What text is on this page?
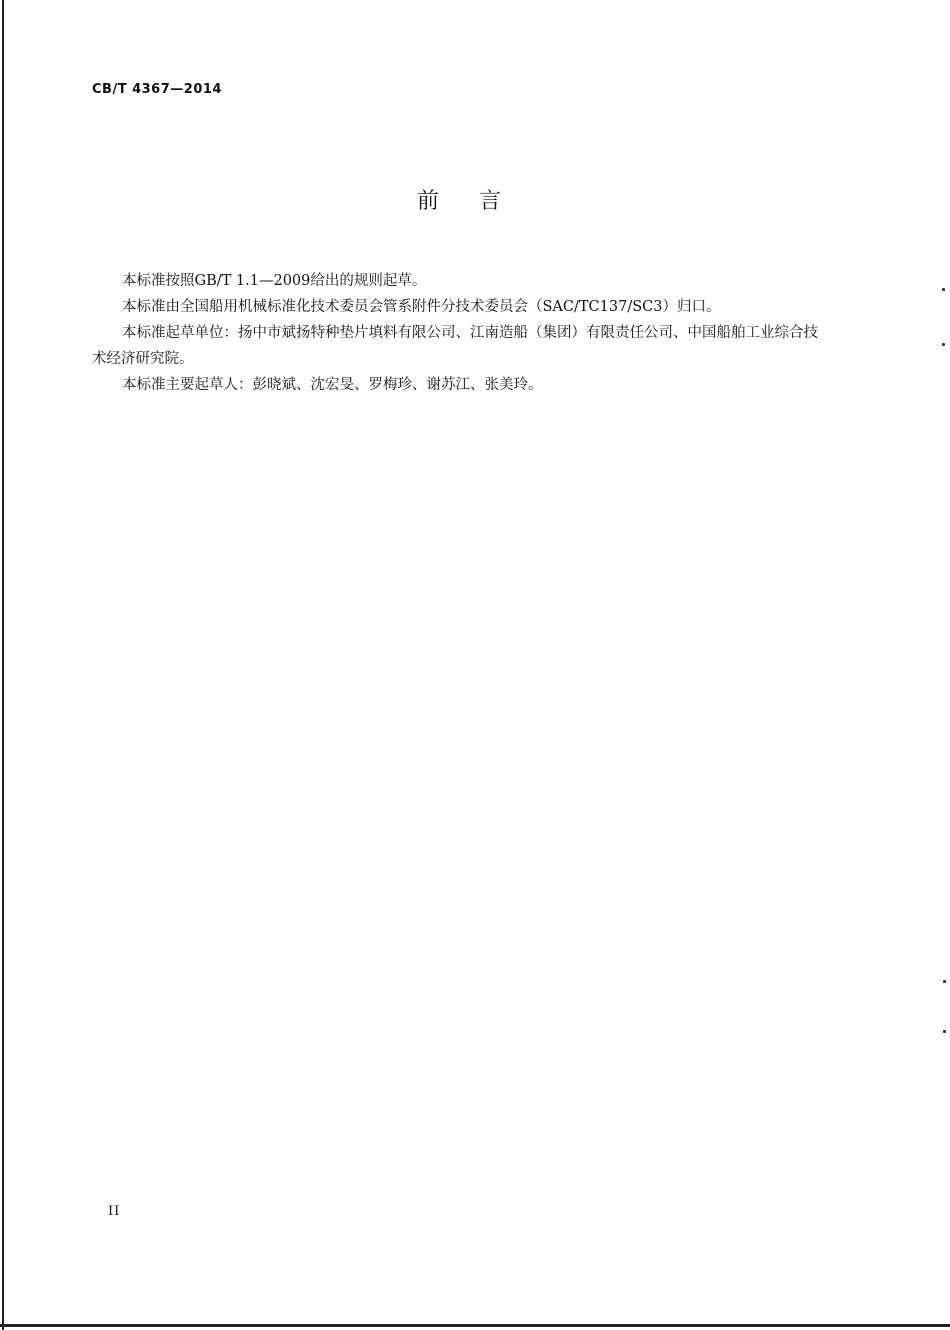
CB/T 4367—2014
前言

本标准按照GB/T 1.1—2009给出的规则起草。

本标准由全国船用机械标准化技术委员会管系附件分技术委员会（SAC/TC137/SC3）归口。

本标准起草单位：扬中市斌扬特种垫片填料有限公司、江南造船（集团）有限责任公司、中国船舶工业综合技术经济研究院。

本标准主要起草人：彭晓斌、沈宏旻、罗梅珍、谢苏江、张美玲。

II
